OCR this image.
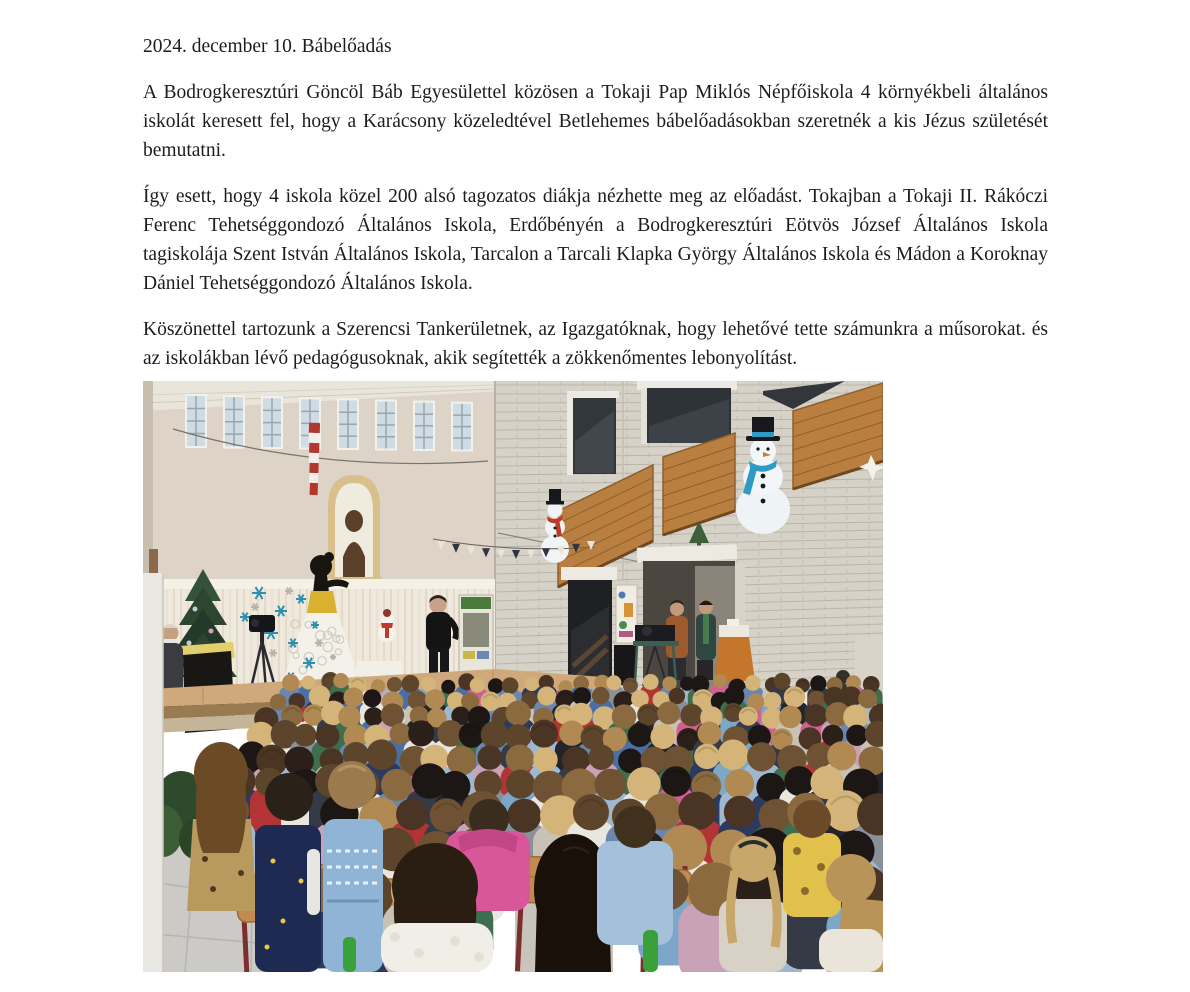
2024. december 10. Bábelőadás

A Bodrogkeresztúri Göncöl Báb Egyesülettel közösen a Tokaji Pap Miklós Népfőiskola 4 környékbeli általános iskolát keresett fel, hogy a Karácsony közeledtével Betlehemes bábelőadásokban szeretnék a kis Jézus születését bemutatni.

Így esett, hogy 4 iskola közel 200 alsó tagozatos diákja nézhette meg az előadást. Tokajban a Tokaji II. Rákóczi Ferenc Tehetséggondozó Általános Iskola, Erdőbényén a Bodrogkeresztúri Eötvös József Általános Iskola tagiskolája Szent István Általános Iskola, Tarcalon a Tarcali Klapka György Általános Iskola és Mádon a Koroknay Dániel Tehetséggondozó Általános Iskola.

Köszönettel tartozunk a Szerencsi Tankerületnek, az Igazgatóknak, hogy lehetővé tette számunkra a műsorokat. és az iskolákban lévő pedagógusoknak, akik segítették a zökkenőmentes lebonyolítást.
